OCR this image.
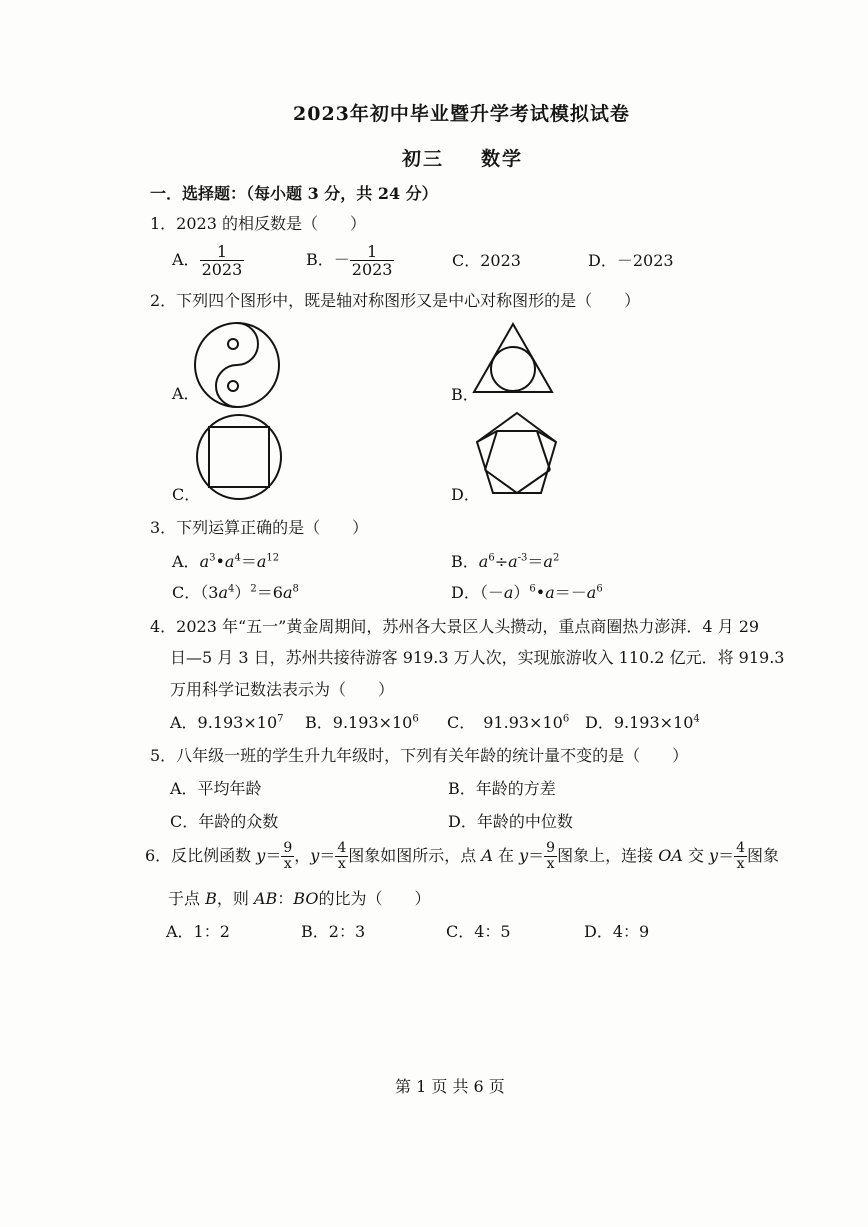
2023年初中毕业暨升学考试模拟试卷
初三 数学
一．选择题：（每小题 3 分，共 24 分）
1．2023 的相反数是（　　）
A． $\frac{1}{2023}$	B．－ $\frac{1}{2023}$	C．2023	D．－2023
2．下列四个图形中，既是轴对称图形又是中心对称图形的是（　　）
A．	B．
C．	D．
3．下列运算正确的是（　　）
A．$a^3•a^4=a^{12}$	B．$a^6\div a^{-3}=a^2$
C．$(3a^4)^2=6a^8$	D．$(-a)^6•a=-a^6$
4．2023 年“五一”黄金周期间，苏州各大景区人头攒动，重点商圈热力澎湃．4 月 29
日—5 月 3 日，苏州共接待游客 919.3 万人次，实现旅游收入 110.2 亿元．将 919.3
万用科学记数法表示为（　　）
A．$9.193\times 10^7$ B．$9.193\times 10^6$ C．　$91.93\times 10^6$ D．$9.193\times 10^4$
5．八年级一班的学生升九年级时，下列有关年龄的统计量不变的是（　　）
A．平均年龄	B．年龄的方差
C．年龄的众数	D．年龄的中位数
6．反比例函数 $y= \frac{9}{x}$ ，$y= \frac{4}{x}$ 图象如图所示，点 A 在 $y= \frac{9}{x}$ 图象上，连接 OA 交 $y= \frac{4}{x}$ 图象
于点 B，则 AB：BO的比为（　　）
A．1：2	B．2：3	C．4：5	D．4：9
第 1 页 共 6 页
